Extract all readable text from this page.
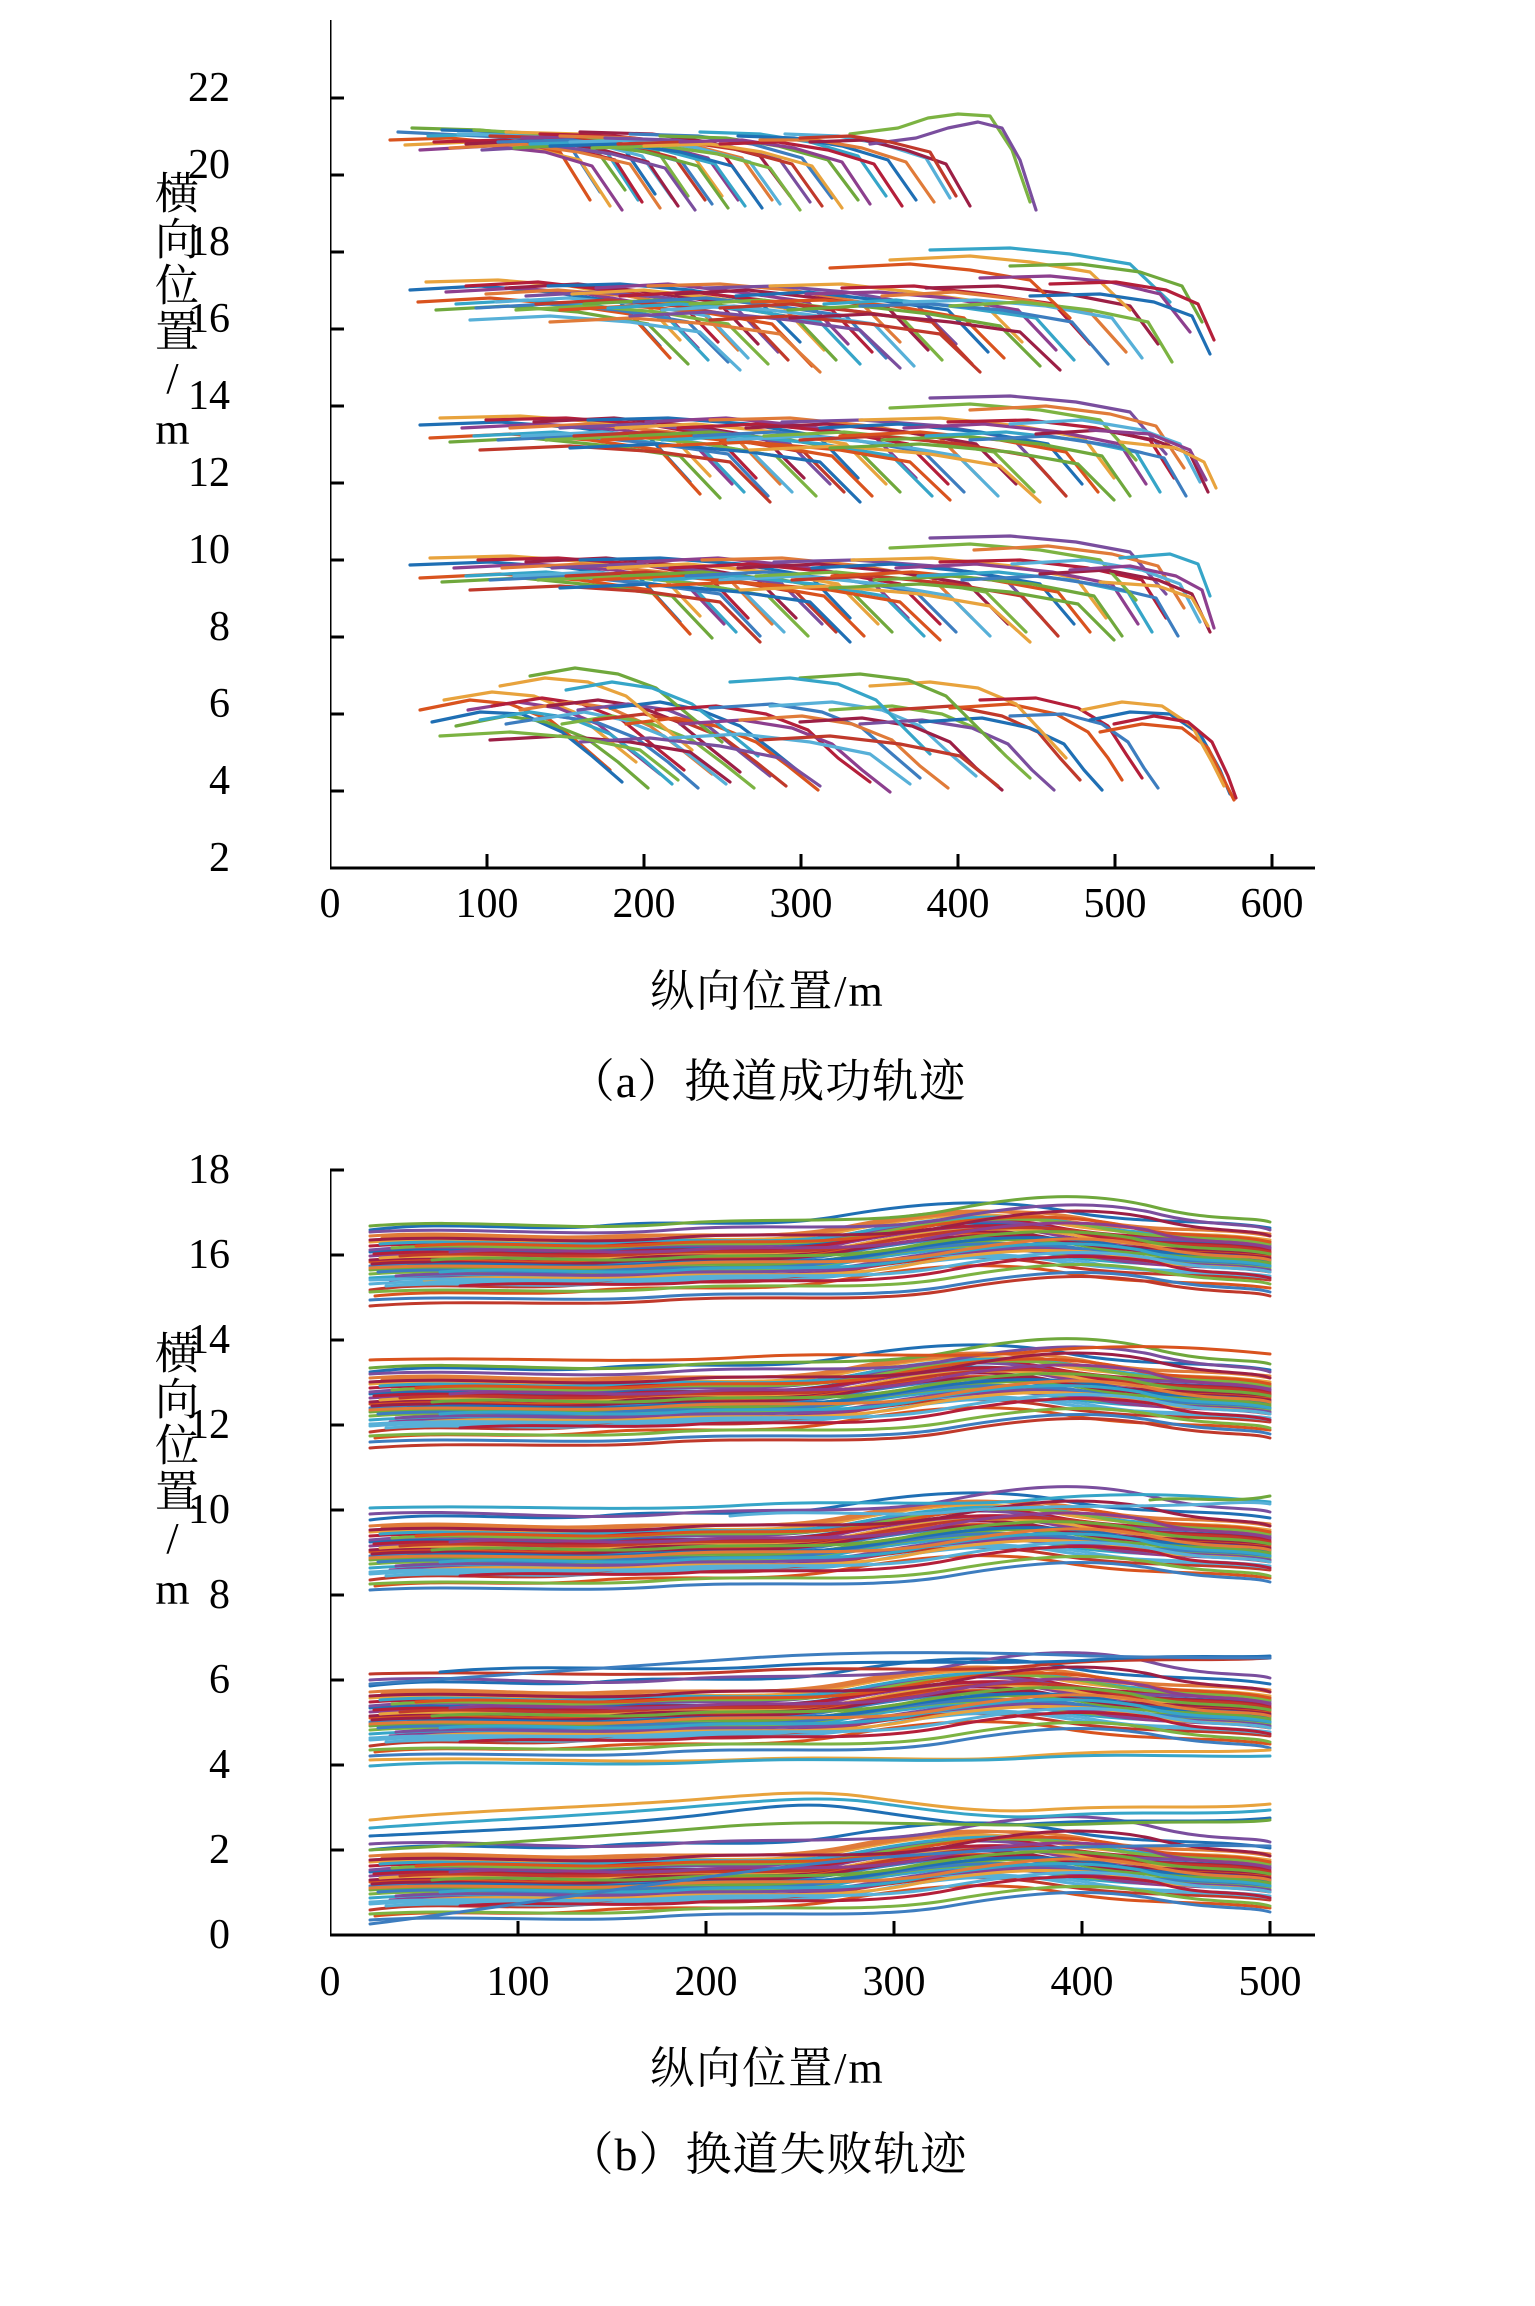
横向位置/m
2
4
6
8
10
12
14
16
18
20
22
0	100 200 300 400 500 600
纵向位置/m
（a）换道成功轨迹
横向位置/m
0
2
4
6
8
10
12
14
16
18
0	100	200	300	400	500
纵向位置/m
（b）换道失败轨迹
